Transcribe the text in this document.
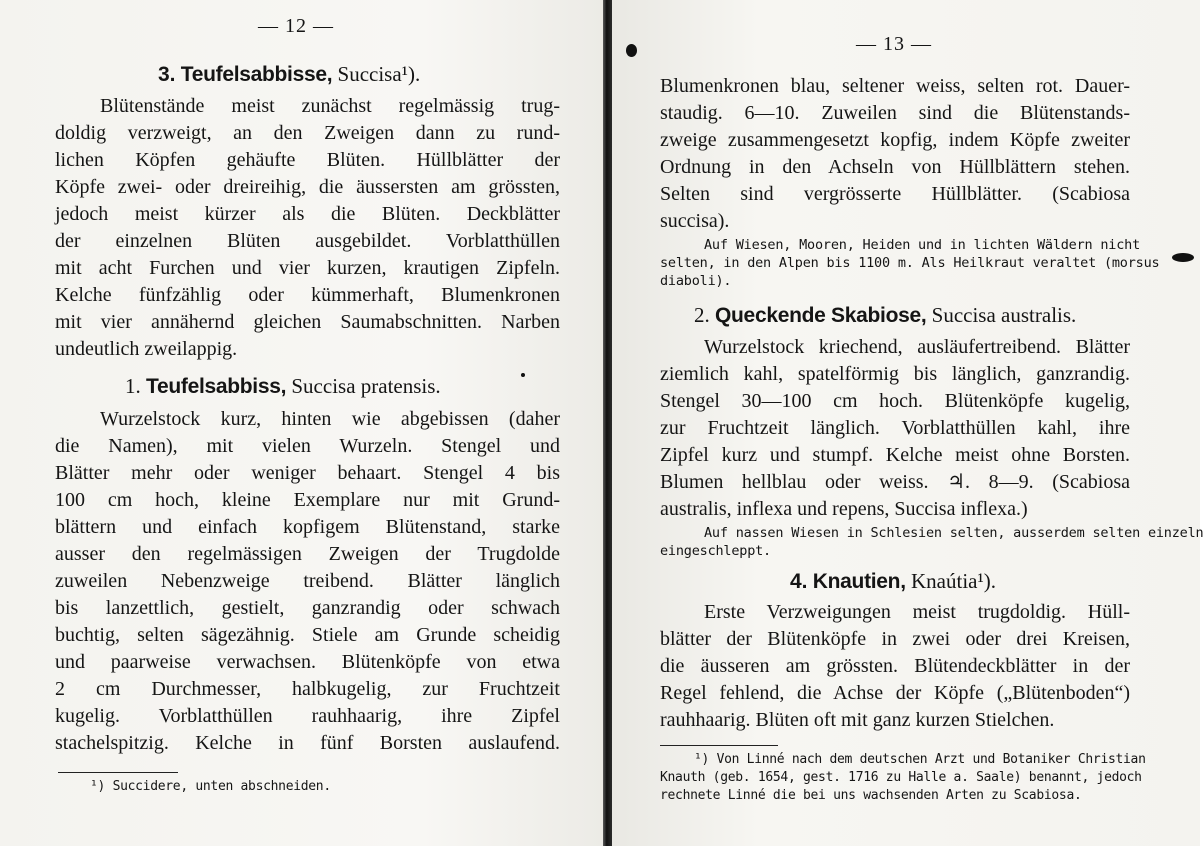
— 12 —
3. Teufelsabbisse, Succisa¹).
Blütenstände meist zunächst regelmässig trug-
doldig verzweigt, an den Zweigen dann zu rund-
lichen Köpfen gehäufte Blüten. Hüllblätter der
Köpfe zwei- oder dreireihig, die äussersten am grössten,
jedoch meist kürzer als die Blüten. Deckblätter
der einzelnen Blüten ausgebildet. Vorblatthüllen
mit acht Furchen und vier kurzen, krautigen Zipfeln.
Kelche fünfzählig oder kümmerhaft, Blumenkronen
mit vier annähernd gleichen Saumabschnitten. Narben
undeutlich zweilappig.
1. Teufelsabbiss, Succisa pratensis.
Wurzelstock kurz, hinten wie abgebissen (daher
die Namen), mit vielen Wurzeln. Stengel und
Blätter mehr oder weniger behaart. Stengel 4 bis
100 cm hoch, kleine Exemplare nur mit Grund-
blättern und einfach kopfigem Blütenstand, starke
ausser den regelmässigen Zweigen der Trugdolde
zuweilen Nebenzweige treibend. Blätter länglich
bis lanzettlich, gestielt, ganzrandig oder schwach
buchtig, selten sägezähnig. Stiele am Grunde scheidig
und paarweise verwachsen. Blütenköpfe von etwa
2 cm Durchmesser, halbkugelig, zur Fruchtzeit
kugelig. Vorblatthüllen rauhhaarig, ihre Zipfel
stachelspitzig. Kelche in fünf Borsten auslaufend.
¹) Succidere, unten abschneiden.
— 13 —
Blumenkronen blau, seltener weiss, selten rot. Dauer-
staudig. 6—10. Zuweilen sind die Blütenstands-
zweige zusammengesetzt kopfig, indem Köpfe zweiter
Ordnung in den Achseln von Hüllblättern stehen.
Selten sind vergrösserte Hüllblätter. (Scabiosa
succisa).
Auf Wiesen, Mooren, Heiden und in lichten Wäldern nicht
selten, in den Alpen bis 1100 m. Als Heilkraut veraltet (morsus
diaboli).
2. Queckende Skabiose, Succisa australis.
Wurzelstock kriechend, ausläufertreibend. Blätter
ziemlich kahl, spatelförmig bis länglich, ganzrandig.
Stengel 30—100 cm hoch. Blütenköpfe kugelig,
zur Fruchtzeit länglich. Vorblatthüllen kahl, ihre
Zipfel kurz und stumpf. Kelche meist ohne Borsten.
Blumen hellblau oder weiss. ♃. 8—9. (Scabiosa
australis, inflexa und repens, Succisa inflexa.)
Auf nassen Wiesen in Schlesien selten, ausserdem selten einzeln
eingeschleppt.
4. Knautien, Knaútia¹).
Erste Verzweigungen meist trugdoldig. Hüll-
blätter der Blütenköpfe in zwei oder drei Kreisen,
die äusseren am grössten. Blütendeckblätter in der
Regel fehlend, die Achse der Köpfe („Blütenboden“)
rauhhaarig. Blüten oft mit ganz kurzen Stielchen.
¹) Von Linné nach dem deutschen Arzt und Botaniker Christian
Knauth (geb. 1654, gest. 1716 zu Halle a. Saale) benannt, jedoch
rechnete Linné die bei uns wachsenden Arten zu Scabiosa.
